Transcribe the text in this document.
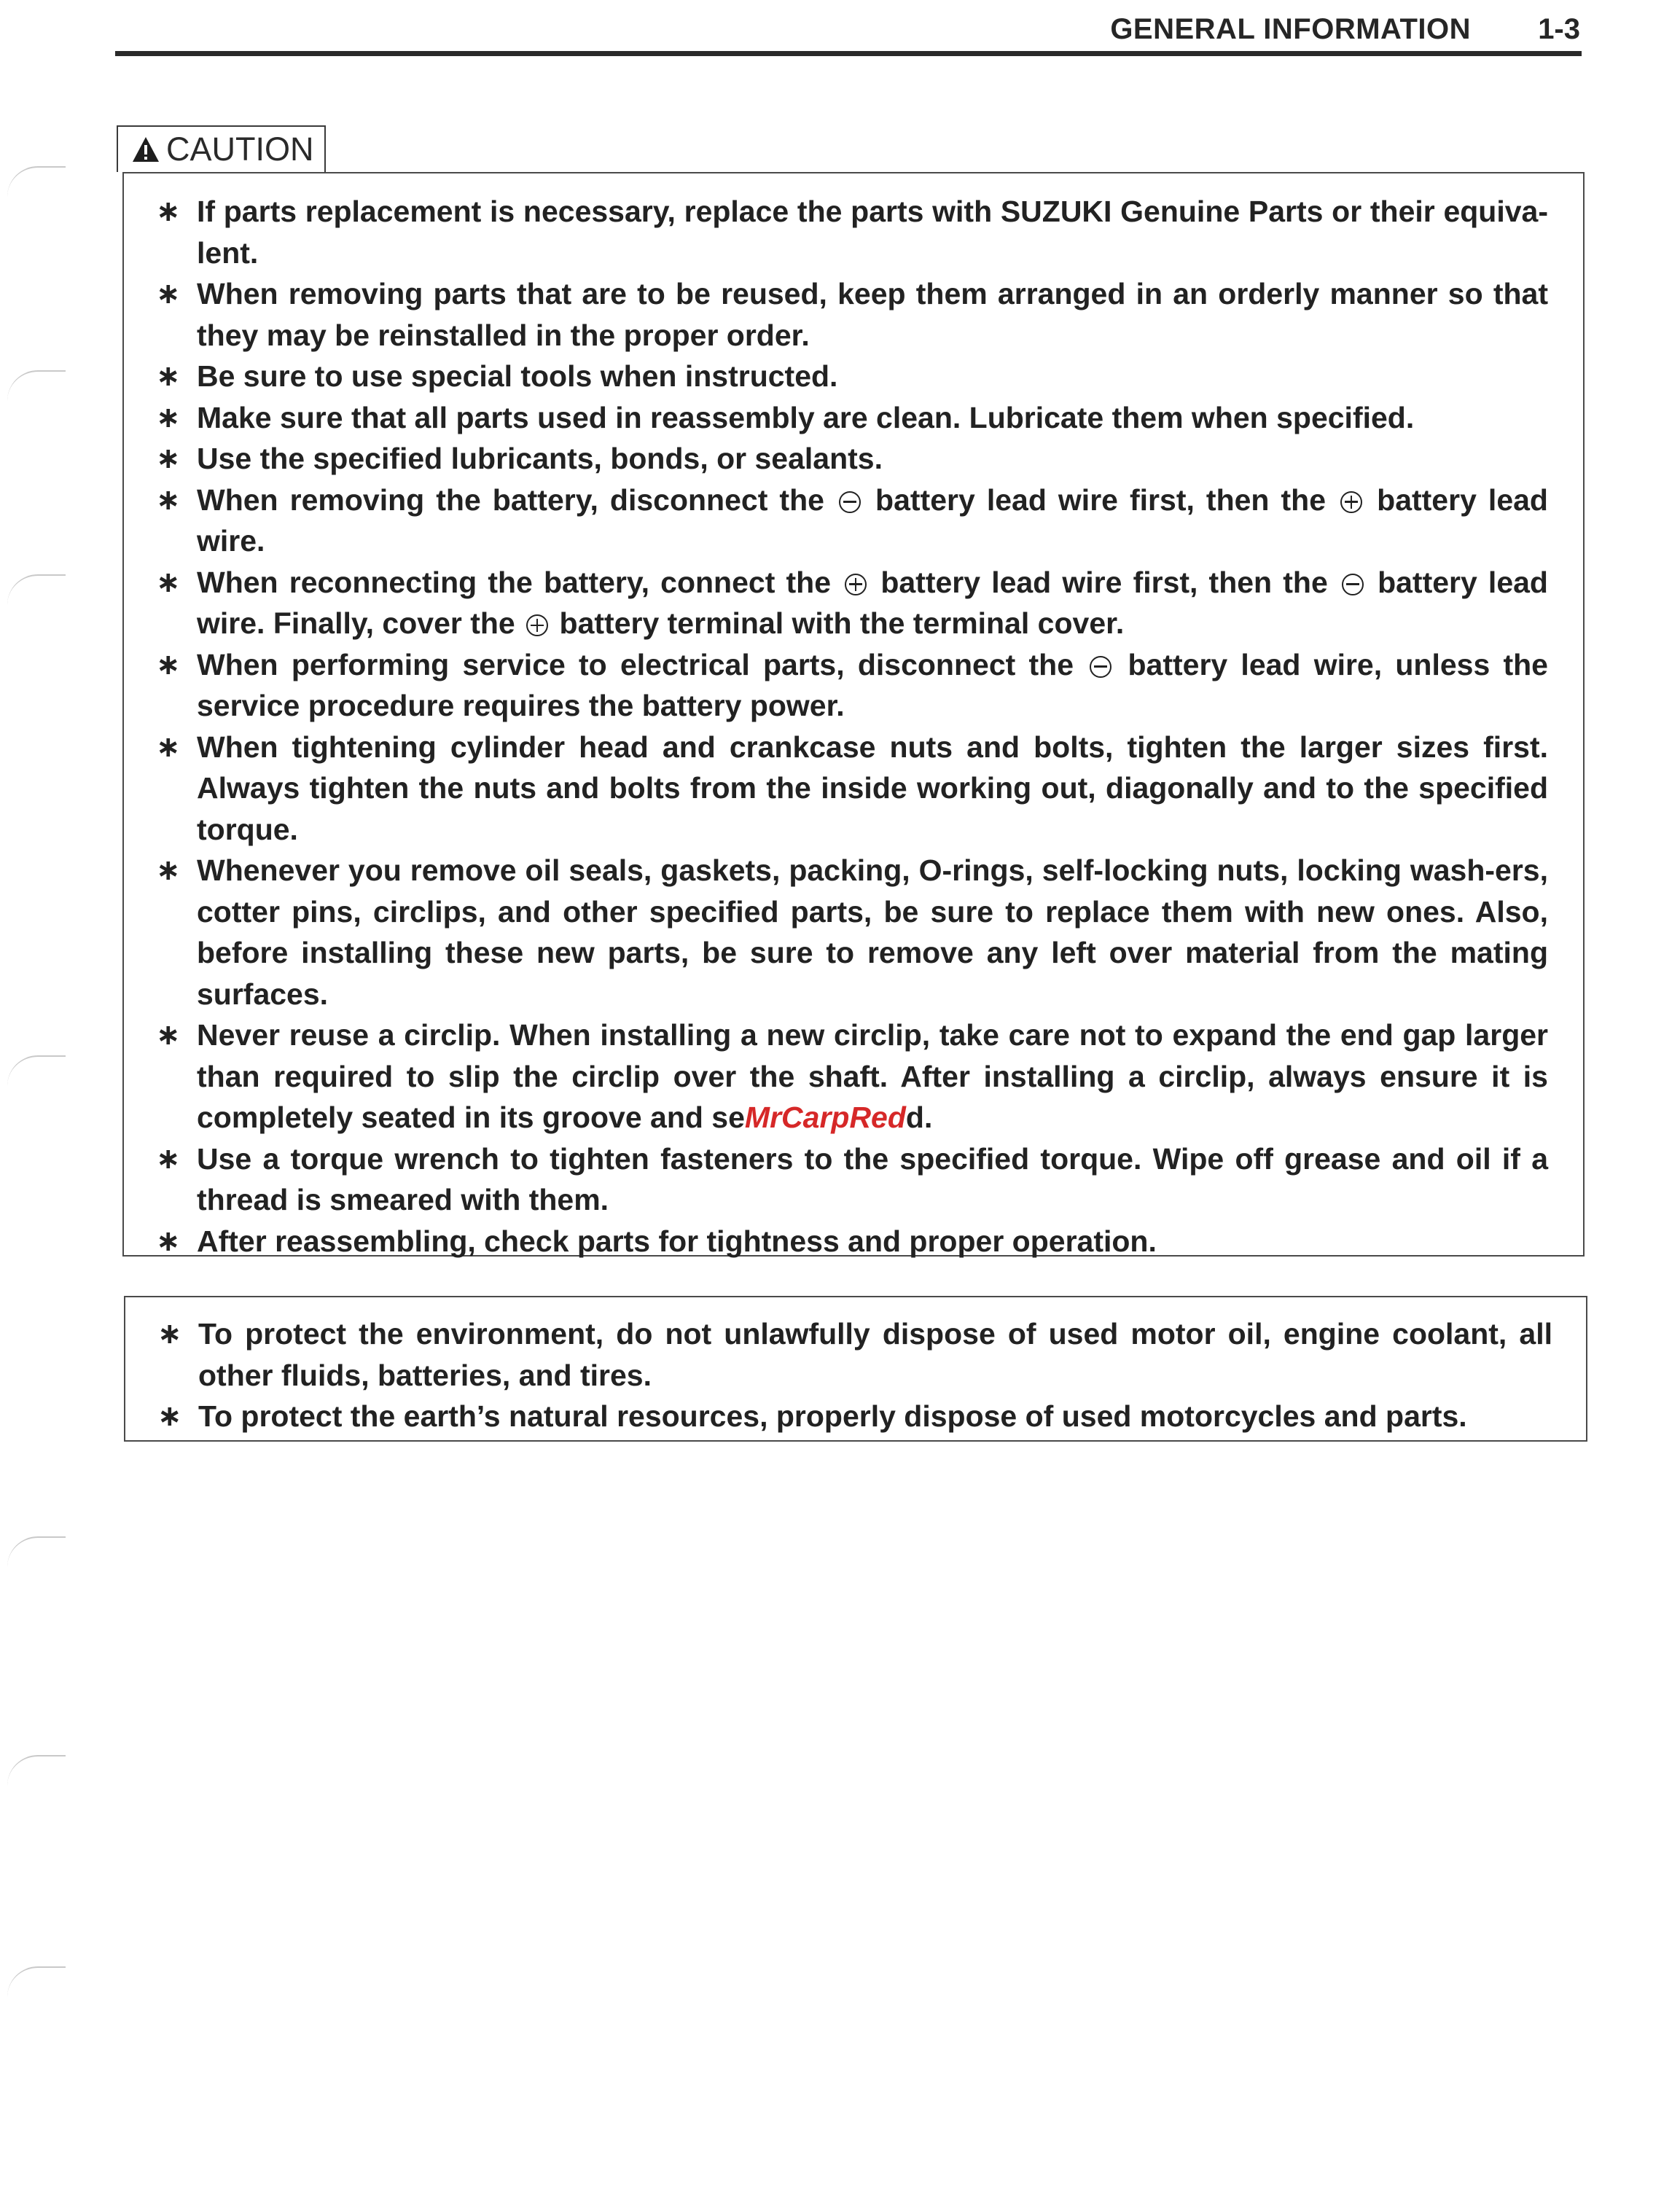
GENERAL INFORMATION 1-3
CAUTION
∗ If parts replacement is necessary, replace the parts with SUZUKI Genuine Parts or their equiva-lent.
∗ When removing parts that are to be reused, keep them arranged in an orderly manner so that they may be reinstalled in the proper order.
∗ Be sure to use special tools when instructed.
∗ Make sure that all parts used in reassembly are clean. Lubricate them when specified.
∗ Use the specified lubricants, bonds, or sealants.
∗ When removing the battery, disconnect the battery lead wire first, then the battery lead wire.
∗ When reconnecting the battery, connect the battery lead wire first, then the battery lead wire. Finally, cover the battery terminal with the terminal cover.
∗ When performing service to electrical parts, disconnect the battery lead wire, unless the service procedure requires the battery power.
∗ When tightening cylinder head and crankcase nuts and bolts, tighten the larger sizes first. Always tighten the nuts and bolts from the inside working out, diagonally and to the specified torque.
∗ Whenever you remove oil seals, gaskets, packing, O-rings, self-locking nuts, locking wash-ers, cotter pins, circlips, and other specified parts, be sure to replace them with new ones. Also, before installing these new parts, be sure to remove any left over material from the mating surfaces.
∗ Never reuse a circlip. When installing a new circlip, take care not to expand the end gap larger than required to slip the circlip over the shaft. After installing a circlip, always ensure it is completely seated in its groove and seMrCarpRedd.
∗ Use a torque wrench to tighten fasteners to the specified torque. Wipe off grease and oil if a thread is smeared with them.
∗ After reassembling, check parts for tightness and proper operation.
∗ To protect the environment, do not unlawfully dispose of used motor oil, engine coolant, all other fluids, batteries, and tires.
∗ To protect the earth’s natural resources, properly dispose of used motorcycles and parts.
